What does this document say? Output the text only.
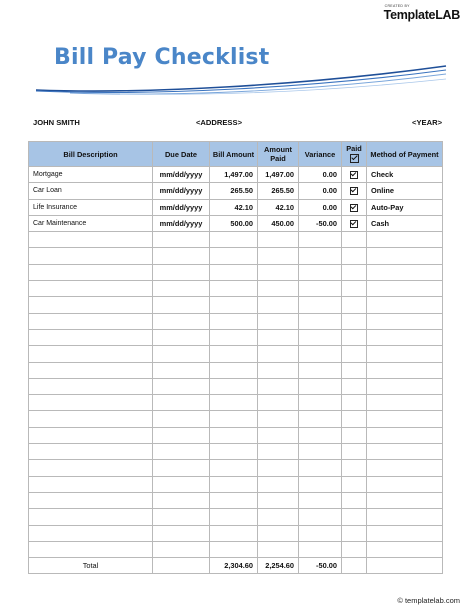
CREATED BY
TemplateLAB
Bill Pay Checklist
JOHN SMITH	<ADDRESS>	<YEAR>
Bill Description	Due Date	Bill Amount	Amount Paid	Variance	Paid	Method of Payment
Mortgage	mm/dd/yyyy	1,497.00	1,497.00	0.00		Check
Car Loan	mm/dd/yyyy	265.50	265.50	0.00		Online
Life Insurance	mm/dd/yyyy	42.10	42.10	0.00		Auto-Pay
Car Maintenance	mm/dd/yyyy	500.00	450.00	-50.00		Cash

Total		2,304.60	2,254.60	-50.00		
© templatelab.com
